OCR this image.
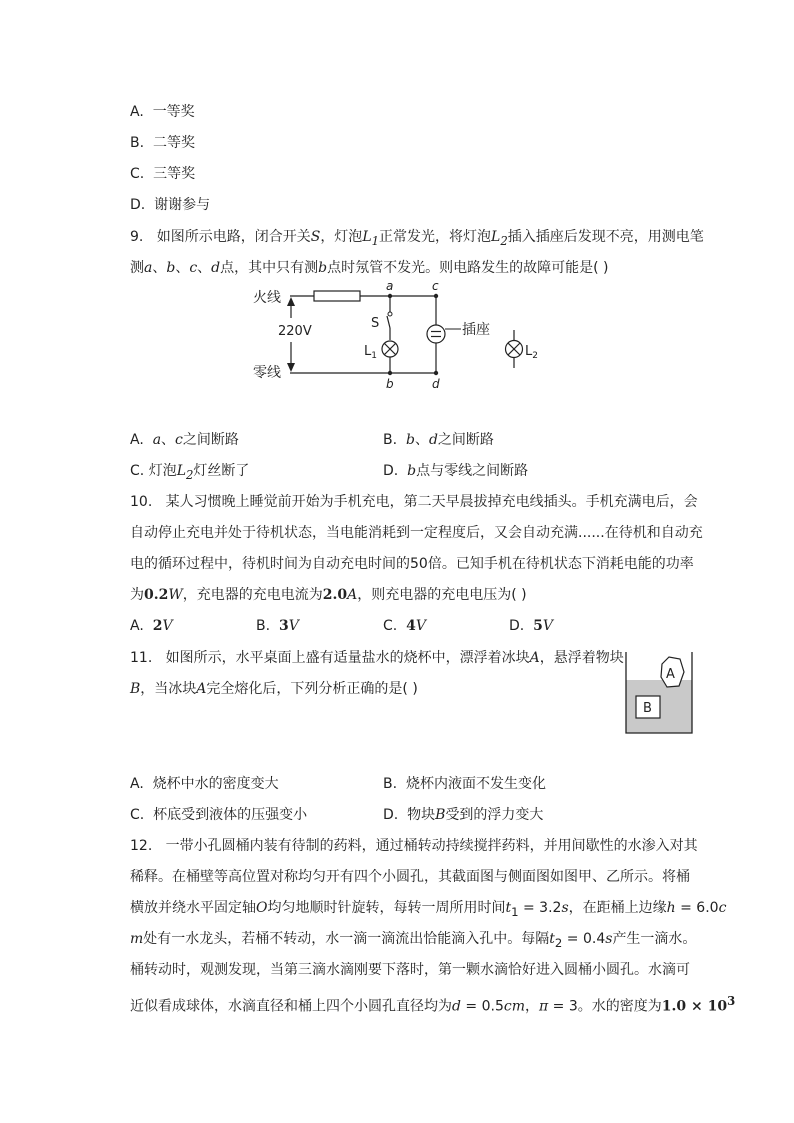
A. 一等奖
B. 二等奖
C. 三等奖
D. 谢谢参与
9. 如图所示电路，闭合开关S，灯泡$L_1$正常发光，将灯泡$L_2$插入插座后发现不亮，用测电笔
测a、b、c、d点，其中只有测b点时氖管不发光。则电路发生的故障可能是( )
220V
火线
零线
S
$L_1$
a
b
插座
c
d
$L_2$
A. a、c之间断路	B. b、d之间断路
C. 灯泡$L_2$灯丝断了	D. b点与零线之间断路
10. 某人习惯晚上睡觉前开始为手机充电，第二天早晨拔掉充电线插头。手机充满电后，会
自动停止充电并处于待机状态，当电能消耗到一定程度后，又会自动充满......在待机和自动充
电的循环过程中，待机时间为自动充电时间的50倍。已知手机在待机状态下消耗电能的功率
为0.2W，充电器的充电电流为2.0A，则充电器的充电电压为( )
A. 2V	B. 3V	C. 4V	D. 5V
11. 如图所示，水平桌面上盛有适量盐水的烧杯中，漂浮着冰块A，悬浮着物块
B，当冰块A完全熔化后，下列分析正确的是( )
A
B
A. 烧杯中水的密度变大	B. 烧杯内液面不发生变化
C. 杯底受到液体的压强变小	D. 物块B受到的浮力变大
12. 一带小孔圆桶内装有待制的药料，通过桶转动持续搅拌药料，并用间歇性的水渗入对其
稀释。在桶壁等高位置对称均匀开有四个小圆孔，其截面图与侧面图如图甲、乙所示。将桶
横放并绕水平固定轴O均匀地顺时针旋转，每转一周所用时间$t_1 = 3.2s$，在距桶上边缘h = 6.0c
m处有一水龙头，若桶不转动，水一滴一滴流出恰能滴入孔中。每隔$t_2 = 0.4s$产生一滴水。
桶转动时，观测发现，当第三滴水滴刚要下落时，第一颗水滴恰好进入圆桶小圆孔。水滴可
近似看成球体，水滴直径和桶上四个小圆孔直径均为d = 0.5cm，π = 3。水的密度为$1.0 \times 10^3$
